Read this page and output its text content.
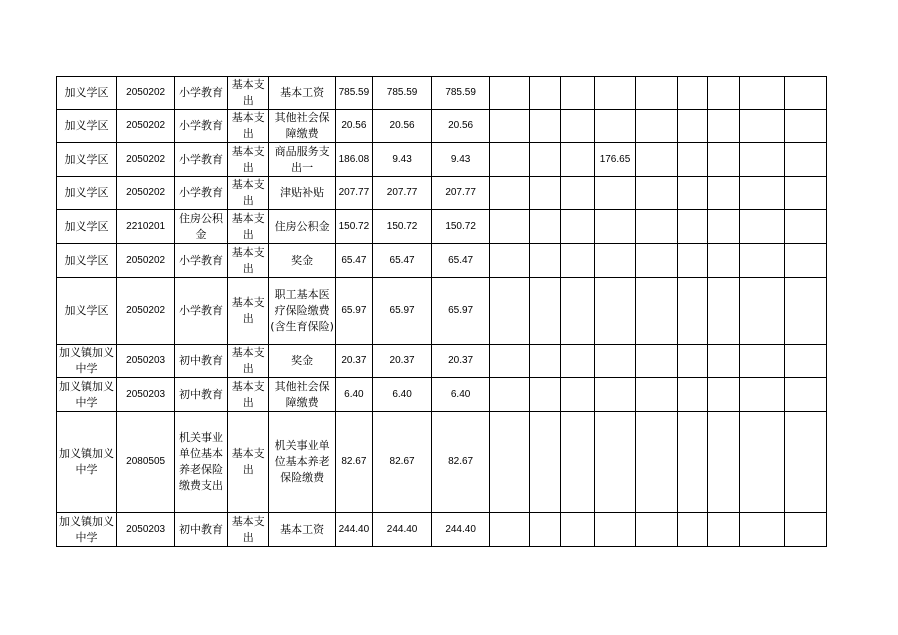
加义学区	2050202	小学教育	基本支出	基本工资	785.59	785.59	785.59									
加义学区	2050202	小学教育	基本支出	其他社会保障缴费	20.56	20.56	20.56									
加义学区	2050202	小学教育	基本支出	商品服务支出一	186.08	9.43	9.43				176.65					
加义学区	2050202	小学教育	基本支出	津贴补贴	207.77	207.77	207.77									
加义学区	2210201	住房公积金	基本支出	住房公积金	150.72	150.72	150.72									
加义学区	2050202	小学教育	基本支出	奖金	65.47	65.47	65.47									
加义学区	2050202	小学教育	基本支出	职工基本医疗保险缴费(含生育保险)	65.97	65.97	65.97									
加义镇加义中学	2050203	初中教育	基本支出	奖金	20.37	20.37	20.37									
加义镇加义中学	2050203	初中教育	基本支出	其他社会保障缴费	6.40	6.40	6.40									
加义镇加义中学	2080505	机关事业单位基本养老保险缴费支出	基本支出	机关事业单位基本养老保险缴费	82.67	82.67	82.67									
加义镇加义中学	2050203	初中教育	基本支出	基本工资	244.40	244.40	244.40									
